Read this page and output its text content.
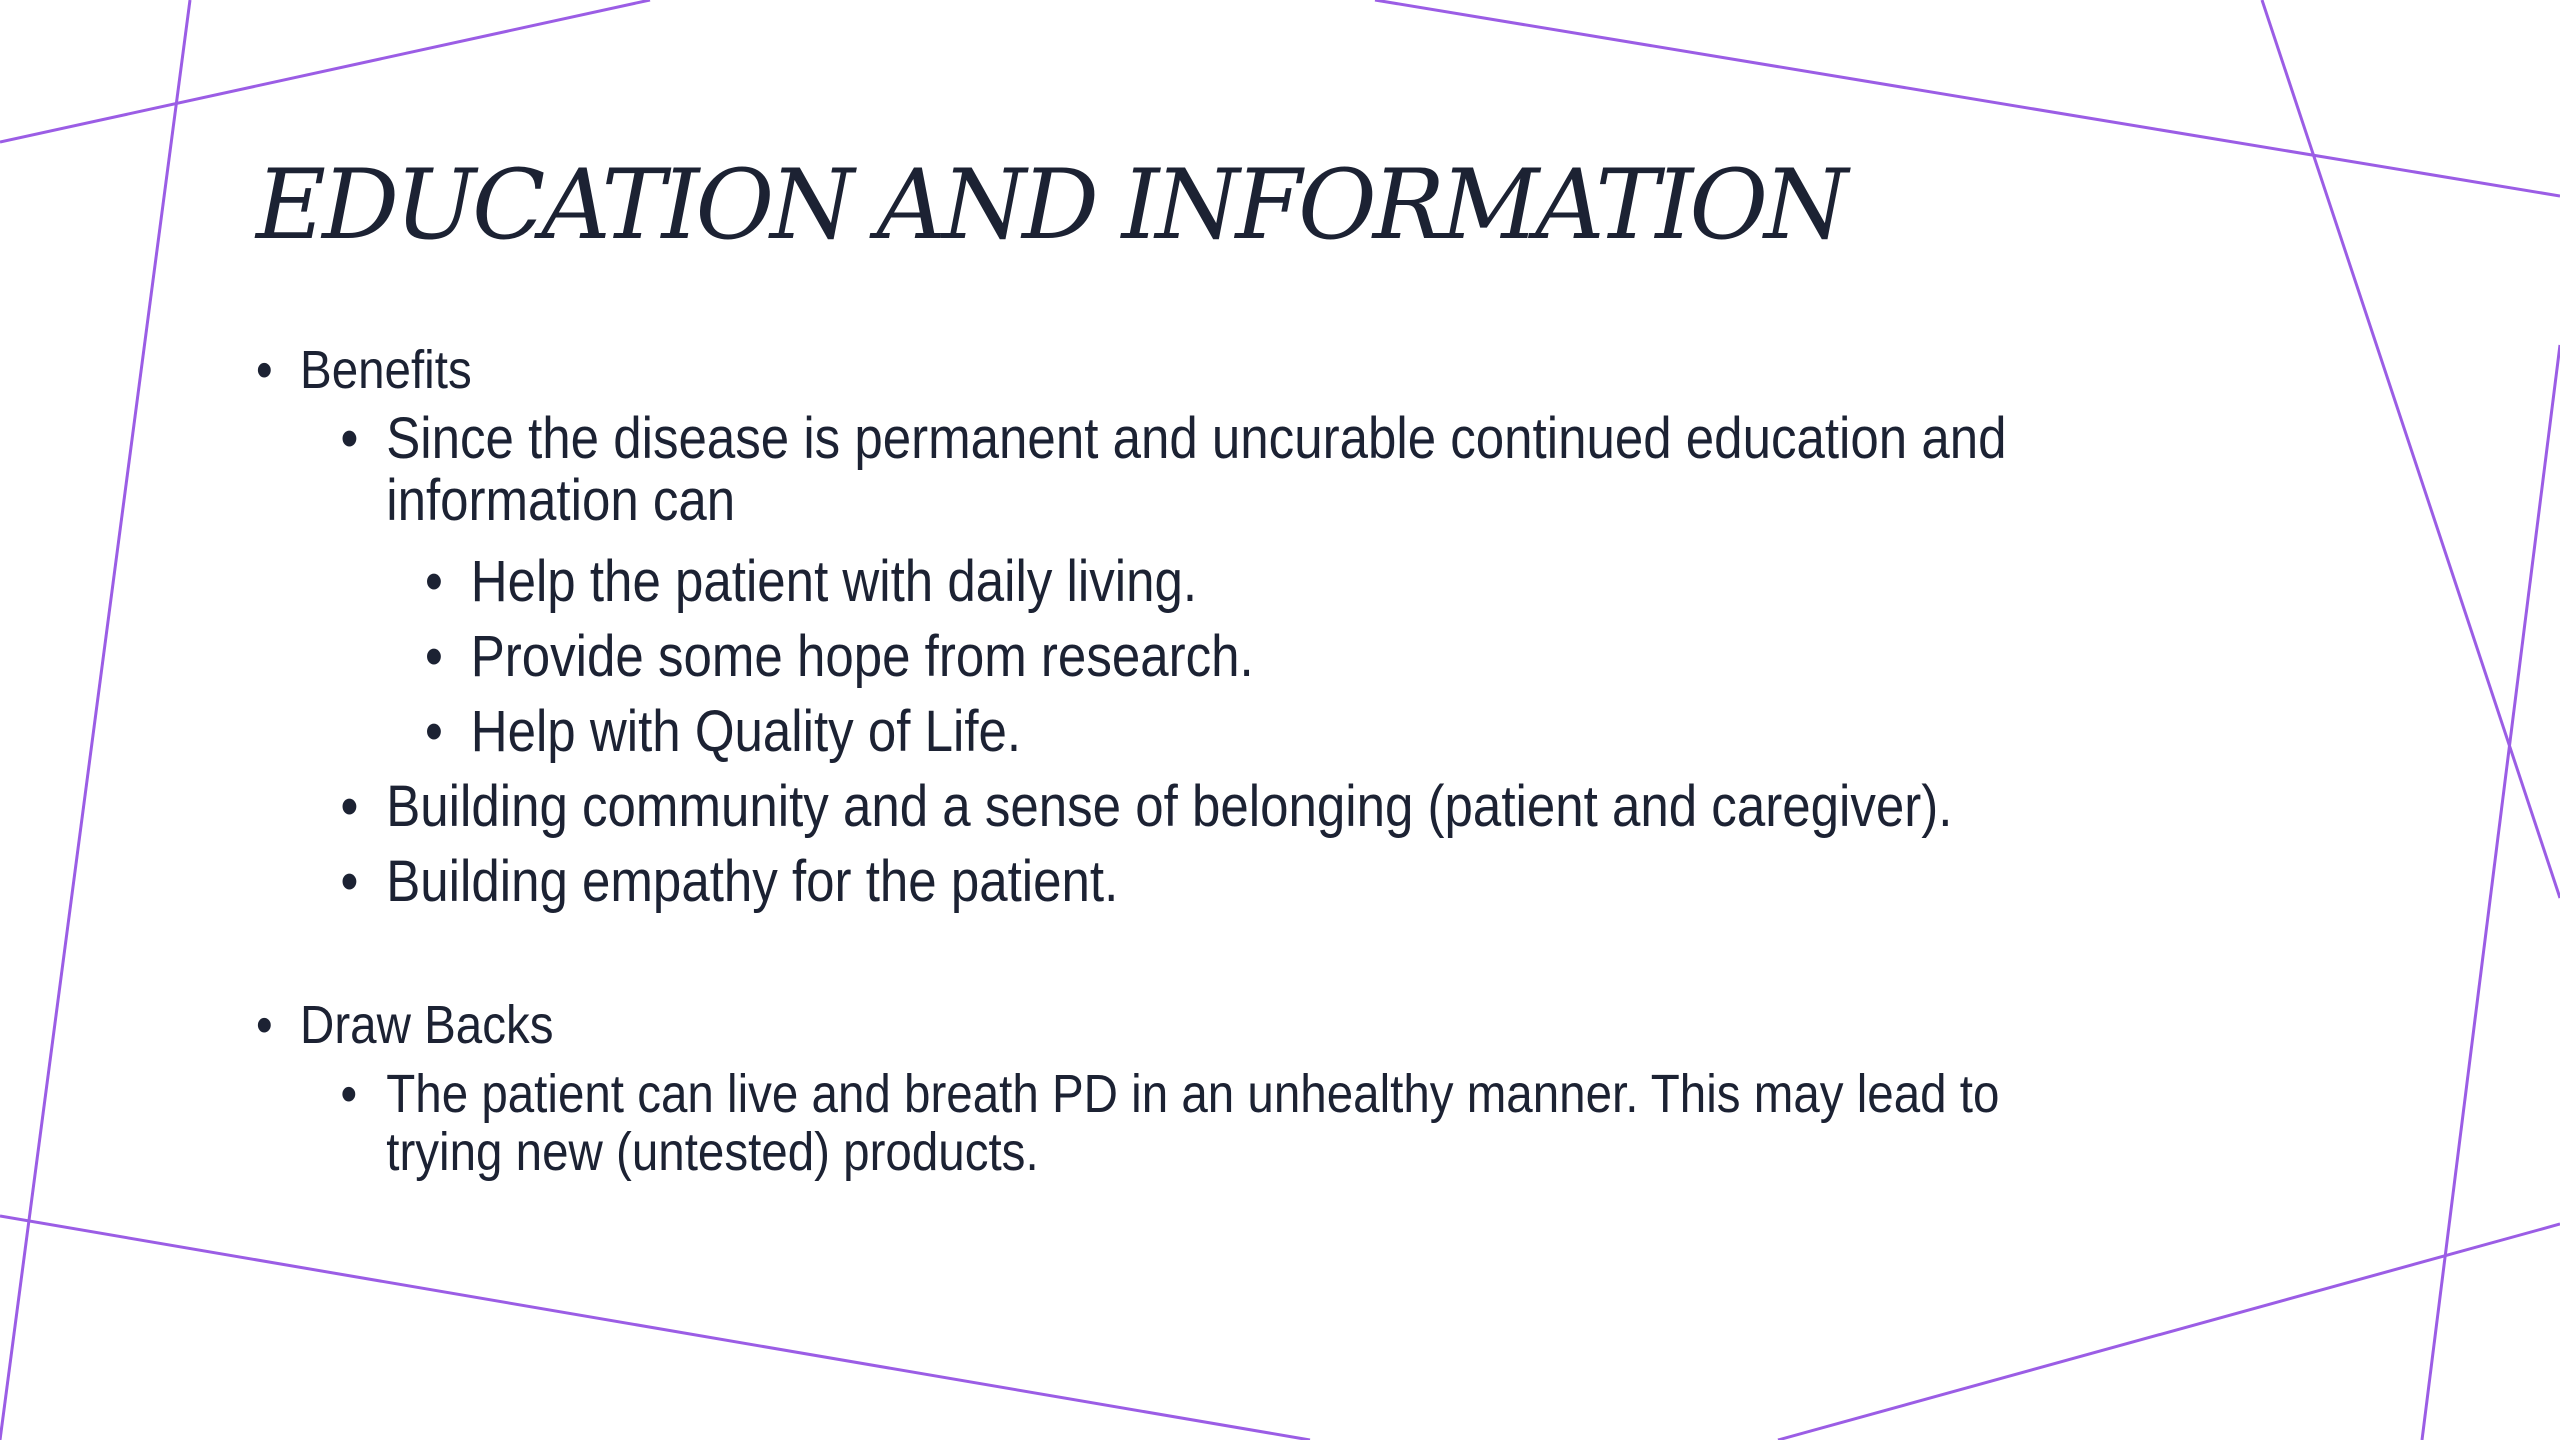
EDUCATION AND INFORMATION

• Benefits

• Since the disease is permanent and uncurable continued education and information can

• Help the patient with daily living.

• Provide some hope from research.

• Help with Quality of Life.

• Building community and a sense of belonging (patient and caregiver).

• Building empathy for the patient.

• Draw Backs

• The patient can live and breath PD in an unhealthy manner. This may lead to trying new (untested) products.
